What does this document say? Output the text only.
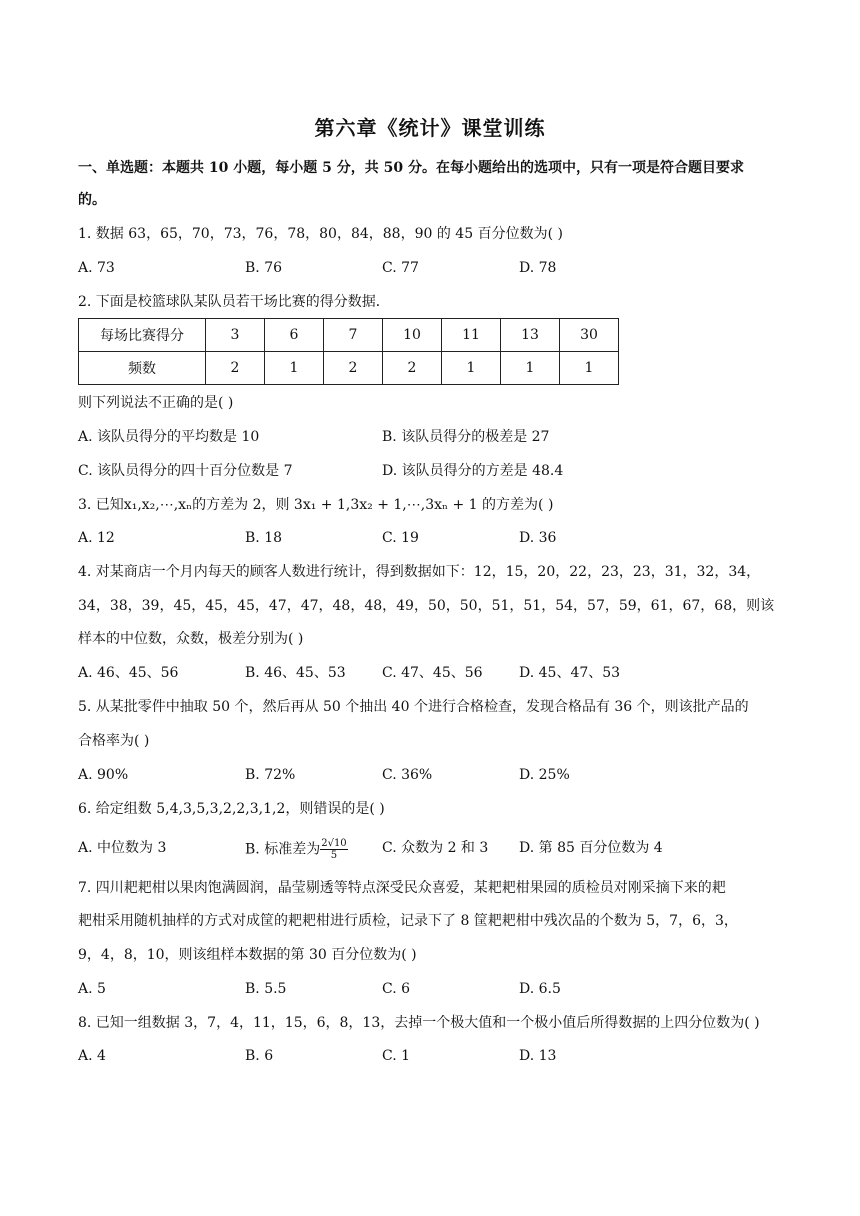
第六章《统计》课堂训练
一、单选题：本题共 10 小题，每小题 5 分，共 50 分。在每小题给出的选项中，只有一项是符合题目要求
的。
1. 数据 63，65，70，73，76，78，80，84，88，90 的 45 百分位数为( )
A. 73	B. 76	C. 77	D. 78
2. 下面是校篮球队某队员若干场比赛的得分数据．
每场比赛得分	3	6	7	10	11	13	30
频数	2	1	2	2	1	1	1
则下列说法不正确的是( )
A. 该队员得分的平均数是 10	B. 该队员得分的极差是 27
C. 该队员得分的四十百分位数是 7	D. 该队员得分的方差是 48.4
3. 已知x₁,x₂,⋯,xₙ的方差为 2，则 3x₁ + 1,3x₂ + 1,⋯,3xₙ + 1 的方差为( )
A. 12	B. 18	C. 19	D. 36
4. 对某商店一个月内每天的顾客人数进行统计，得到数据如下：12，15，20，22，23，23，31，32，34，
34，38，39，45，45，45，47，47，48，48，49，50，50，51，51，54，57，59，61，67，68，则该
样本的中位数，众数，极差分别为( )
A. 46、45、56	B. 46、45、53	C. 47、45、56	D. 45、47、53
5. 从某批零件中抽取 50 个，然后再从 50 个抽出 40 个进行合格检查，发现合格品有 36 个，则该批产品的
合格率为( )
A. 90%	B. 72%	C. 36%	D. 25%
6. 给定组数 5,4,3,5,3,2,2,3,1,2，则错误的是( )
A. 中位数为 3	B. 标准差为 $\frac{2√10}{5} C$. 众数为 2 和 3 D. 第 85 百分位数为 4
7. 四川耙耙柑以果肉饱满圆润，晶莹剔透等特点深受民众喜爱，某耙耙柑果园的质检员对刚采摘下来的耙
耙柑采用随机抽样的方式对成筐的耙耙柑进行质检，记录下了 8 筐耙耙柑中残次品的个数为 5，7，6，3，
9，4，8，10，则该组样本数据的第 30 百分位数为( )
A. 5	B. 5.5	C. 6	D. 6.5
8. 已知一组数据 3，7，4，11，15，6，8，13，去掉一个极大值和一个极小值后所得数据的上四分位数为( )
A. 4	B. 6	C. 1	D. 13
